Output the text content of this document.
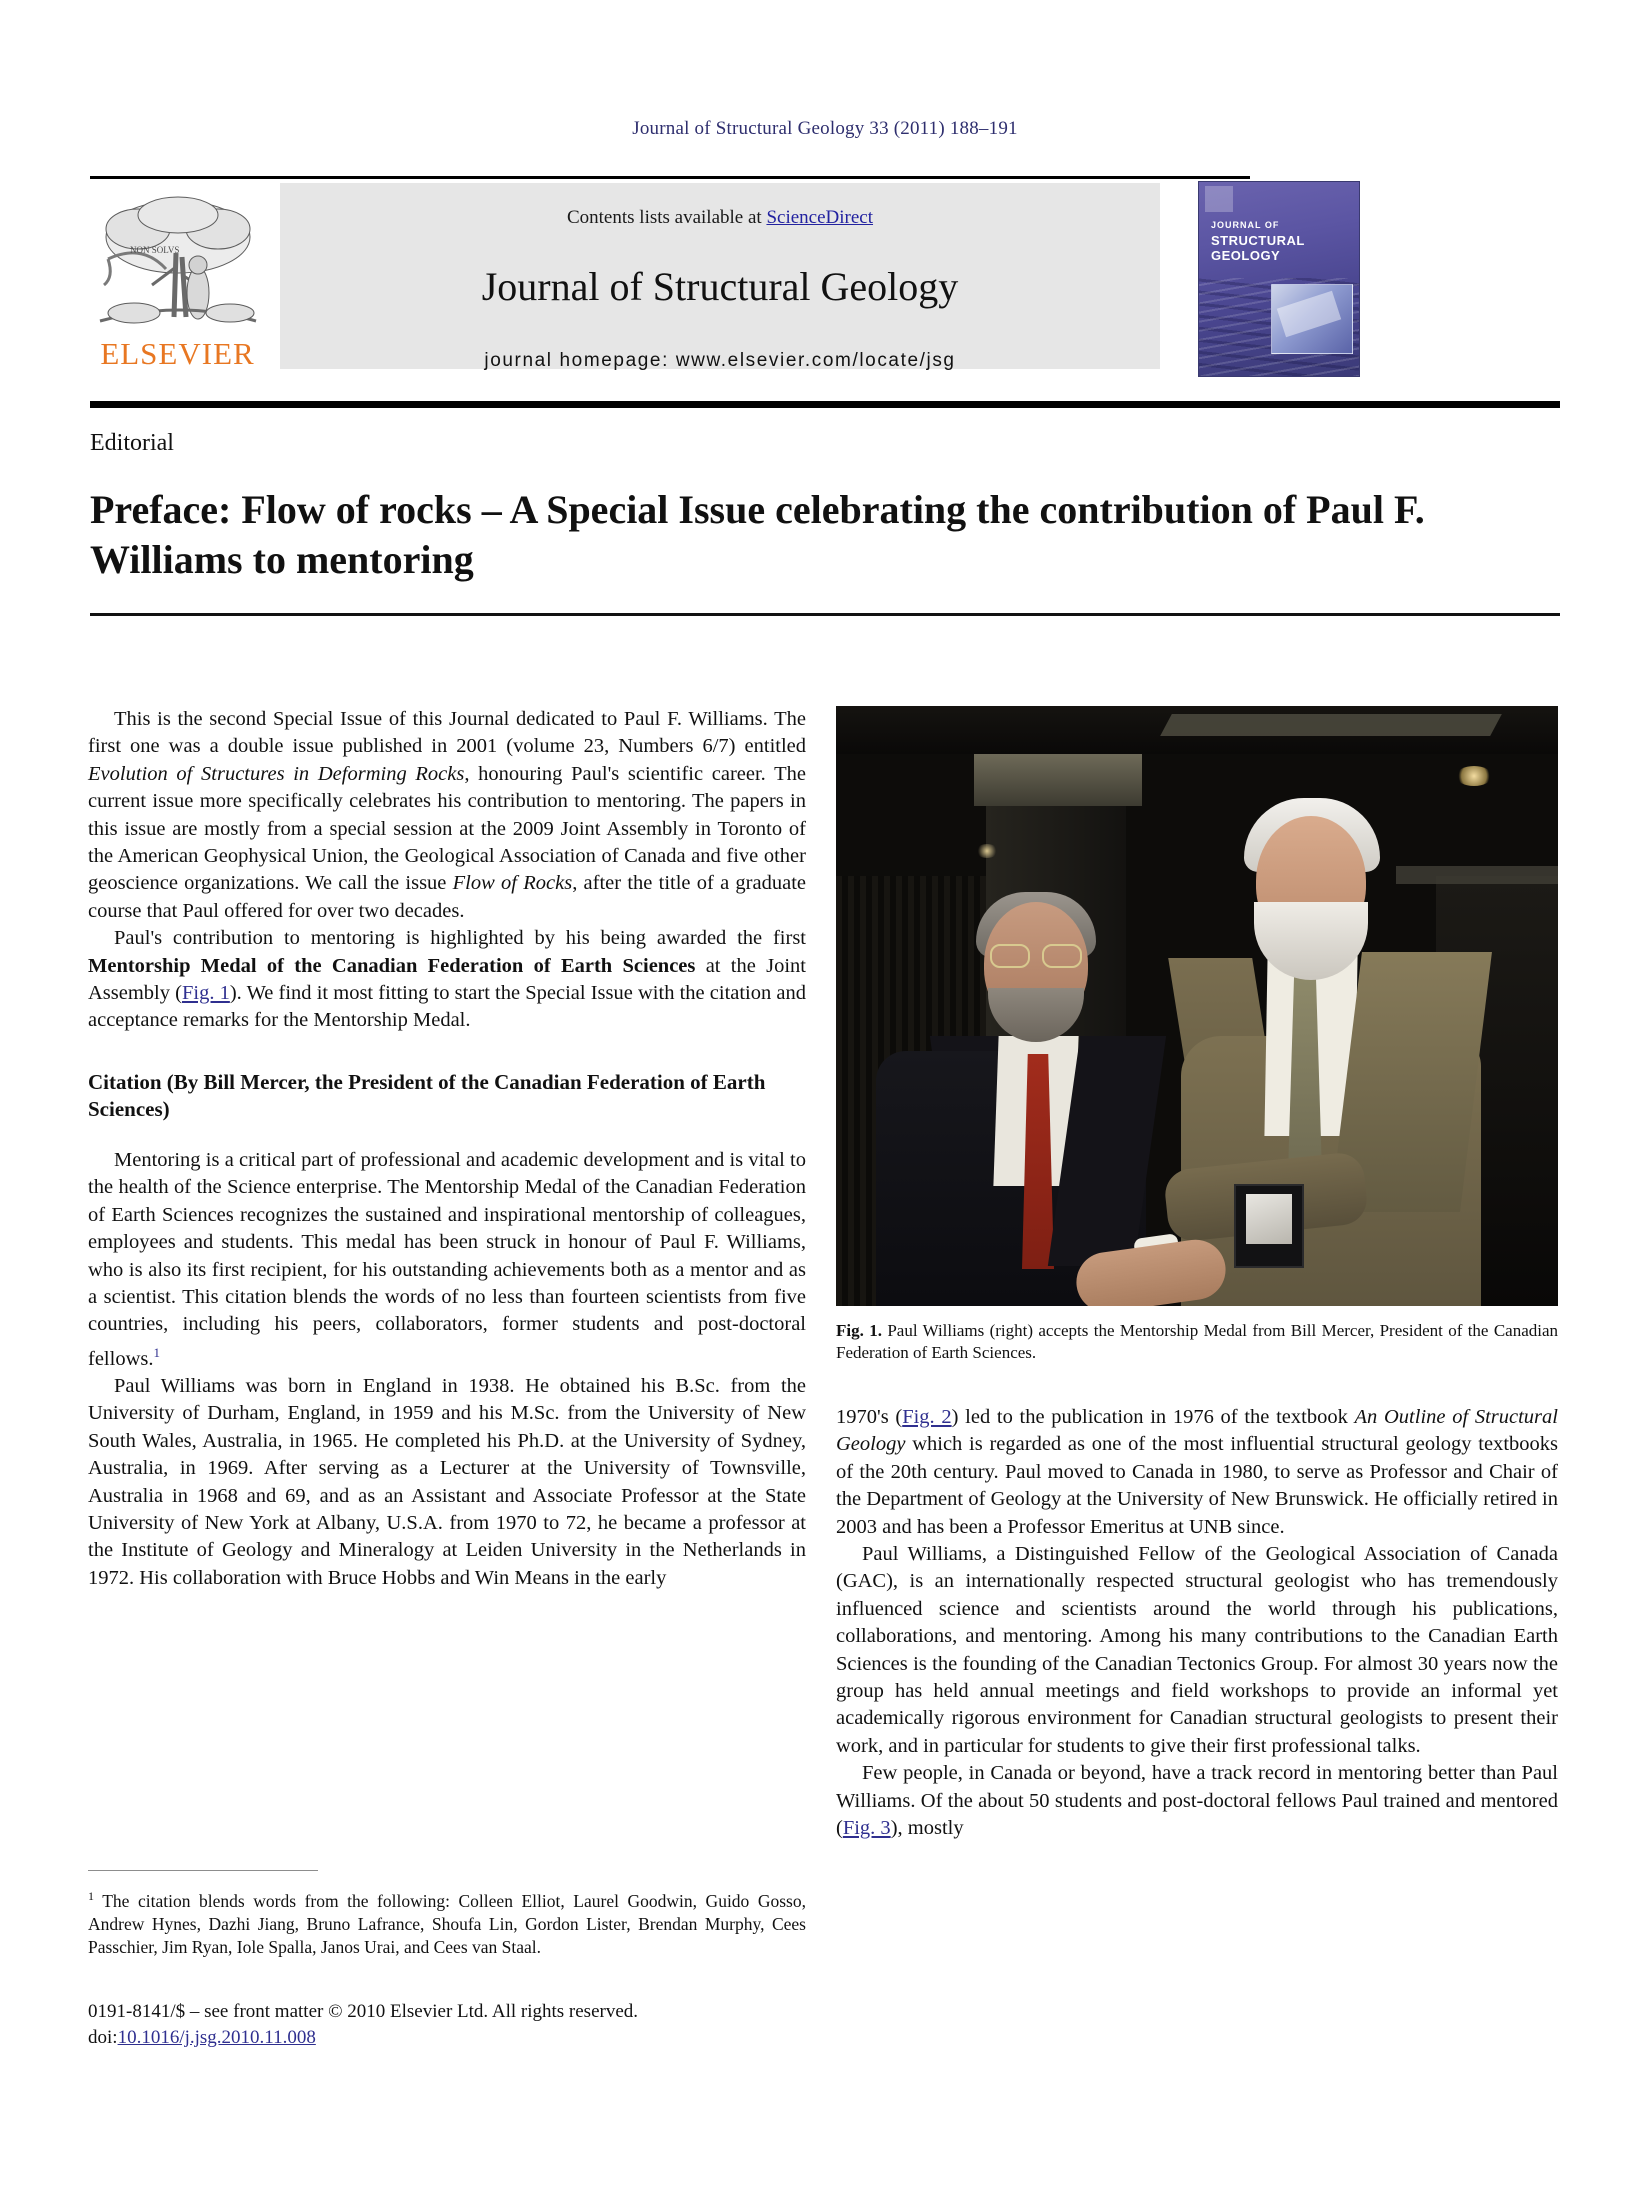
Journal of Structural Geology 33 (2011) 188–191
NON SOLVS
ELSEVIER
Contents lists available at ScienceDirect
Journal of Structural Geology
journal homepage: www.elsevier.com/locate/jsg
JOURNAL OF
STRUCTURAL
GEOLOGY
Editorial
Preface: Flow of rocks – A Special Issue celebrating the contribution of Paul F. Williams to mentoring

This is the second Special Issue of this Journal dedicated to Paul F. Williams. The first one was a double issue published in 2001 (volume 23, Numbers 6/7) entitled Evolution of Structures in Deforming Rocks, honouring Paul's scientific career. The current issue more specifically celebrates his contribution to mentoring. The papers in this issue are mostly from a special session at the 2009 Joint Assembly in Toronto of the American Geophysical Union, the Geological Association of Canada and five other geoscience organizations. We call the issue Flow of Rocks, after the title of a graduate course that Paul offered for over two decades.

Paul's contribution to mentoring is highlighted by his being awarded the first Mentorship Medal of the Canadian Federation of Earth Sciences at the Joint Assembly (Fig. 1). We find it most fitting to start the Special Issue with the citation and acceptance remarks for the Mentorship Medal.

Citation (By Bill Mercer, the President of the Canadian Federation of Earth Sciences)

Mentoring is a critical part of professional and academic development and is vital to the health of the Science enterprise. The Mentorship Medal of the Canadian Federation of Earth Sciences recognizes the sustained and inspirational mentorship of colleagues, employees and students. This medal has been struck in honour of Paul F. Williams, who is also its first recipient, for his outstanding achievements both as a mentor and as a scientist. This citation blends the words of no less than fourteen scientists from five countries, including his peers, collaborators, former students and post-doctoral fellows.$^1$

Paul Williams was born in England in 1938. He obtained his B.Sc. from the University of Durham, England, in 1959 and his M.Sc. from the University of New South Wales, Australia, in 1965. He completed his Ph.D. at the University of Sydney, Australia, in 1969. After serving as a Lecturer at the University of Townsville, Australia in 1968 and 69, and as an Assistant and Associate Professor at the State University of New York at Albany, U.S.A. from 1970 to 72, he became a professor at the Institute of Geology and Mineralogy at Leiden University in the Netherlands in 1972. His collaboration with Bruce Hobbs and Win Means in the early

Fig. 1. Paul Williams (right) accepts the Mentorship Medal from Bill Mercer, President of the Canadian Federation of Earth Sciences.

1970's (Fig. 2) led to the publication in 1976 of the textbook An Outline of Structural Geology which is regarded as one of the most influential structural geology textbooks of the 20th century. Paul moved to Canada in 1980, to serve as Professor and Chair of the Department of Geology at the University of New Brunswick. He officially retired in 2003 and has been a Professor Emeritus at UNB since.

Paul Williams, a Distinguished Fellow of the Geological Association of Canada (GAC), is an internationally respected structural geologist who has tremendously influenced science and scientists around the world through his publications, collaborations, and mentoring. Among his many contributions to the Canadian Earth Sciences is the founding of the Canadian Tectonics Group. For almost 30 years now the group has held annual meetings and field workshops to provide an informal yet academically rigorous environment for Canadian structural geologists to present their work, and in particular for students to give their first professional talks.

Few people, in Canada or beyond, have a track record in mentoring better than Paul Williams. Of the about 50 students and post-doctoral fellows Paul trained and mentored (Fig. 3), mostly

$^1$ The citation blends words from the following: Colleen Elliot, Laurel Goodwin, Guido Gosso, Andrew Hynes, Dazhi Jiang, Bruno Lafrance, Shoufa Lin, Gordon Lister, Brendan Murphy, Cees Passchier, Jim Ryan, Iole Spalla, Janos Urai, and Cees van Staal.
0191-8141/$ – see front matter © 2010 Elsevier Ltd. All rights reserved.
doi:10.1016/j.jsg.2010.11.008
